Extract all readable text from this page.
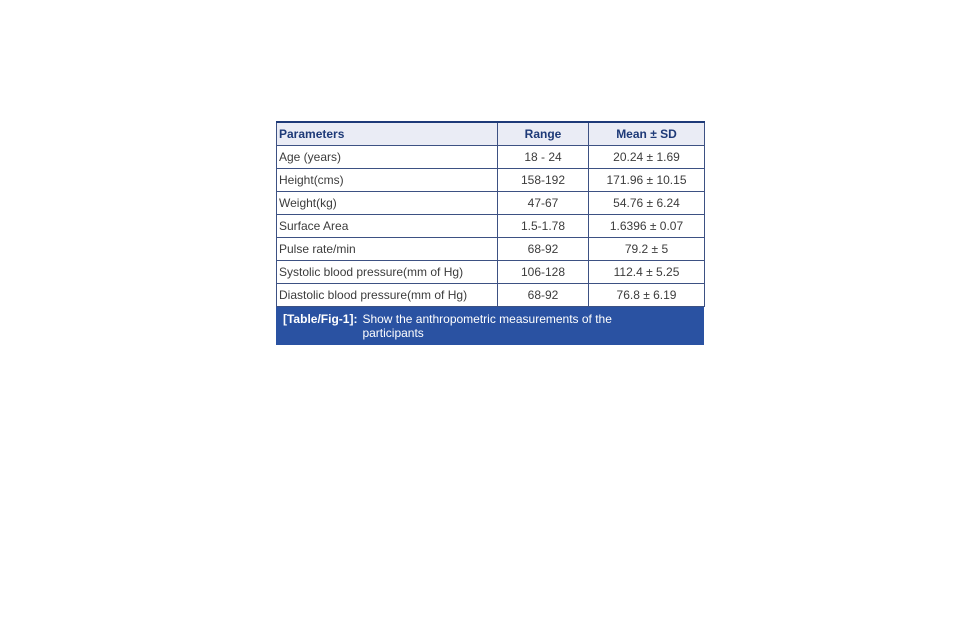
Parameters	Range	Mean ± SD
Age (years)	18 - 24	20.24 ± 1.69
Height(cms)	158-192	171.96 ± 10.15
Weight(kg)	47-67	54.76 ± 6.24
Surface Area	1.5-1.78	1.6396 ± 0.07
Pulse rate/min	68-92	79.2 ± 5
Systolic blood pressure(mm of Hg)	106-128	112.4 ± 5.25
Diastolic blood pressure(mm of Hg)	68-92	76.8 ± 6.19
[Table/Fig-1]: Show the anthropometric measurements of the participants
